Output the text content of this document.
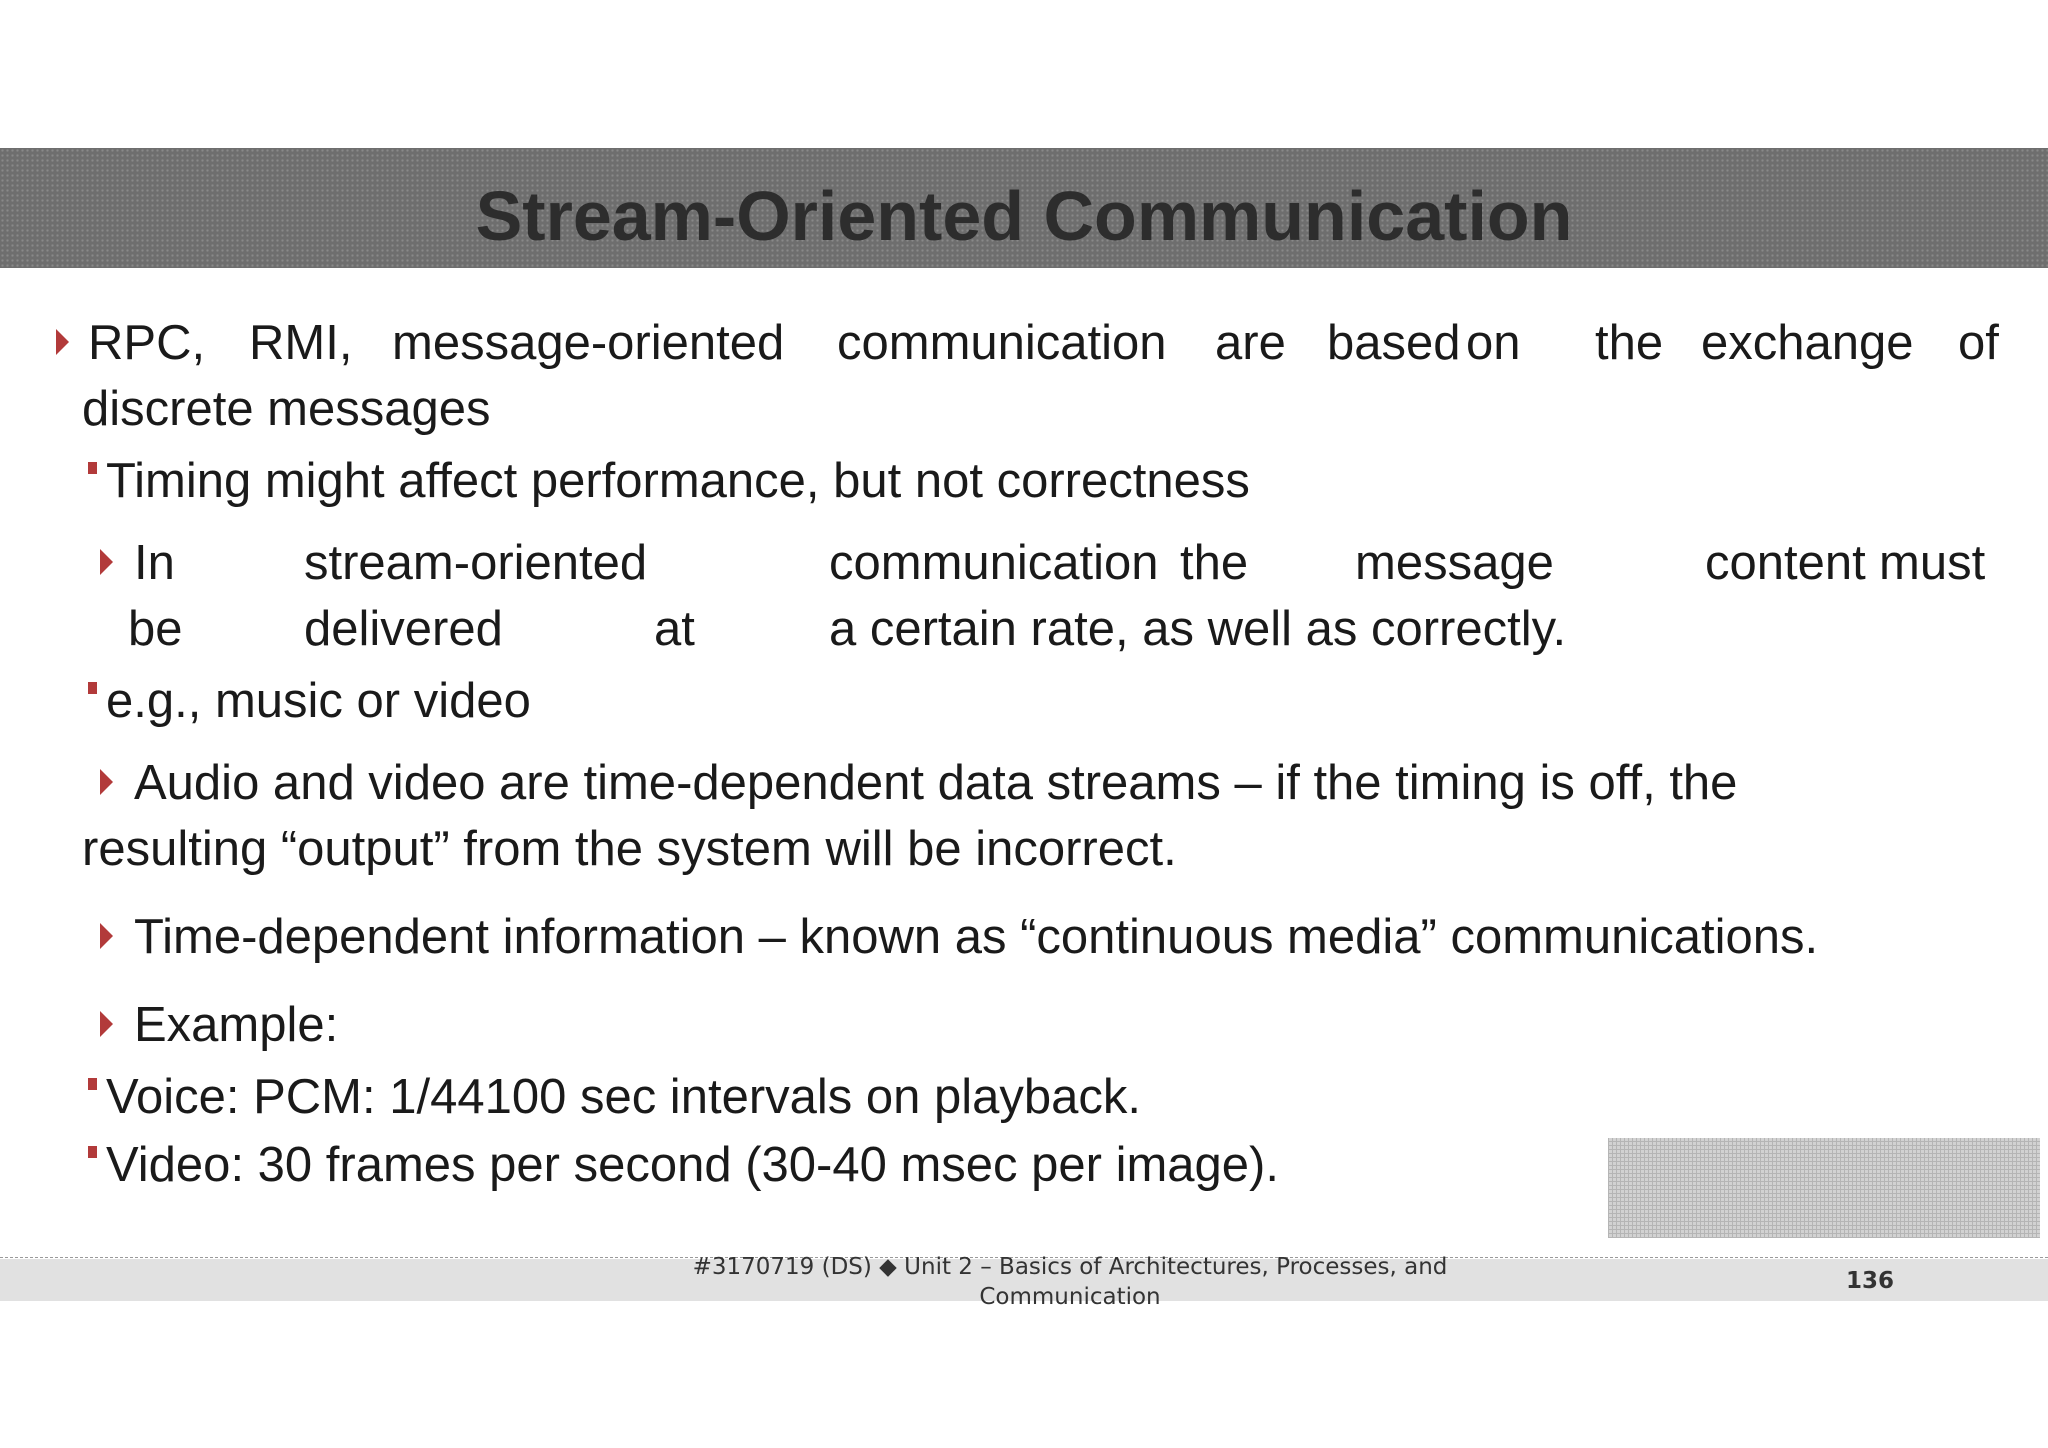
Stream-Oriented Communication
RPC, RMI, message-oriented communication are based on the exchange of
discrete messages
Timing might affect performance, but not correctness
In	stream-oriented	communication the message	content must
be delivered	at	a certain rate, as well as correctly.
e.g., music or video
Audio and video are time-dependent data streams – if the timing is off, the
resulting “output” from the system will be incorrect.
Time-dependent information – known as “continuous media” communications.
Example:
Voice: PCM: 1/44100 sec intervals on playback.
Video: 30 frames per second (30-40 msec per image).
#3170719 (DS) ◆ Unit 2 – Basics of Architectures, Processes, and
Communication
136
